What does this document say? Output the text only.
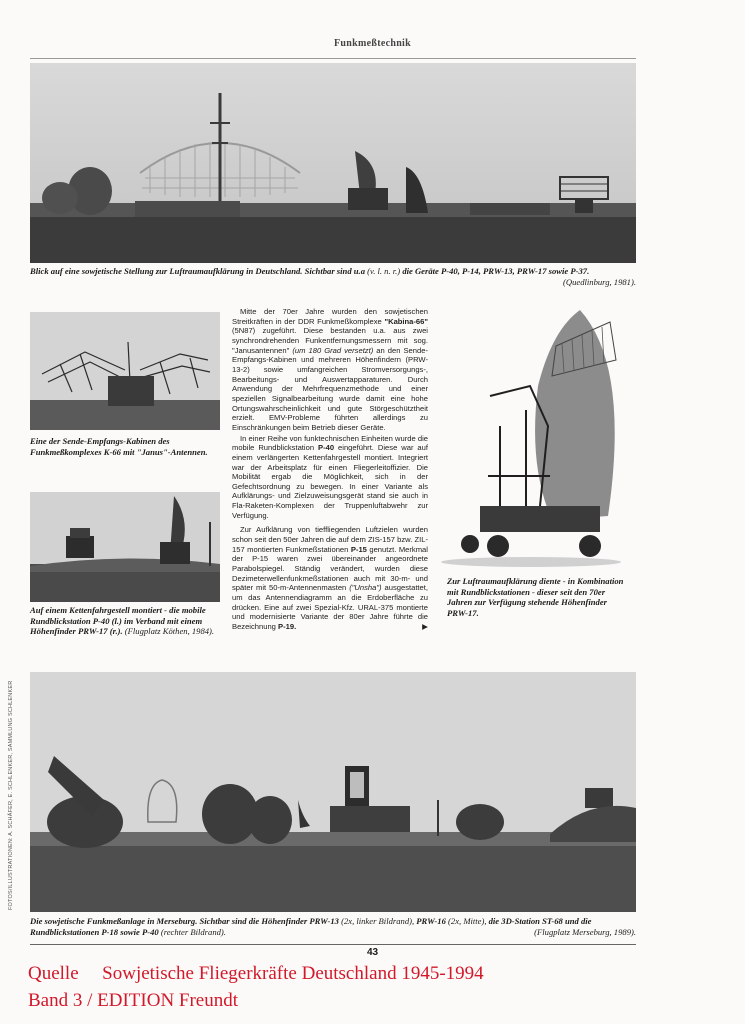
Funkmeßtechnik
Blick auf eine sowjetische Stellung zur Luftraumaufklärung in Deutschland. Sichtbar sind u.a (v. l. n. r.) die Geräte P-40, P-14, PRW-13, PRW-17 sowie P-37.
(Quedlinburg, 1981).
Eine der Sende-Empfangs-Kabinen des Funkmeßkomplexes K-66 mit "Janus"-Antennen.
Auf einem Kettenfahrgestell montiert - die mobile Rundblickstation P-40 (l.) im Verband mit einem Höhenfinder PRW-17 (r.). (Flugplatz Köthen, 1984).

Mitte der 70er Jahre wurden den sowjetischen Streitkräften in der DDR Funkmeßkomplexe "Kabina-66" (5N87) zugeführt. Diese bestanden u.a. aus zwei synchrondrehenden Funkentfernungsmessern mit sog. "Janusantennen" (um 180 Grad versetzt) an den Sende-Empfangs-Kabinen und mehreren Höhenfindern (PRW-13-2) sowie umfangreichen Stromversorgungs-, Bearbeitungs- und Auswertapparaturen. Durch Anwendung der Mehrfrequenzmethode und einer speziellen Signalbearbeitung wurde damit eine hohe Ortungswahrscheinlichkeit und gute Störgeschütztheit erzielt. EMV-Probleme führten allerdings zu Einschränkungen beim Betrieb dieser Geräte.

In einer Reihe von funktechnischen Einheiten wurde die mobile Rundblickstation P-40 eingeführt. Diese war auf einem verlängerten Kettenfahrgestell montiert. Integriert war der Arbeitsplatz für einen Fliegerleitoffizier. Die Mobilität ergab die Möglichkeit, sich in der Gefechtsordnung zu bewegen. In einer Variante als Aufklärungs- und Zielzuweisungsgerät stand sie auch in Fla-Raketen-Komplexen der Truppenluftabwehr zur Verfügung.

Zur Aufklärung von tieffliegenden Luftzielen wurden schon seit den 50er Jahren die auf dem ZIS-157 bzw. ZIL-157 montierten Funkmeßstationen P-15 genutzt. Merkmal der P-15 waren zwei übereinander angeordnete Parabolspiegel. Ständig verändert, wurden diese Dezimeterwellenfunkmeßstationen auch mit 30-m- und später mit 50-m-Antennenmasten ("Unsha") ausgestattet, um das Antennendiagramm an die Erdoberfläche zu drücken. Eine auf zwei Spezial-Kfz. URAL-375 montierte und modernisierte Variante der 80er Jahre führte die Bezeichnung P-19.	▶

Zur Luftraumaufklärung diente - in Kombination mit Rundblickstationen - dieser seit den 70er Jahren zur Verfügung stehende Höhenfinder PRW-17.
Die sowjetische Funkmeßanlage in Merseburg. Sichtbar sind die Höhenfinder PRW-13 (2x, linker Bildrand), PRW-16 (2x, Mitte), die 3D-Station ST-68 und die Rundblickstationen P-18 sowie P-40 (rechter Bildrand).	(Flugplatz Merseburg, 1989).
FOTOS/ILLUSTRATIONEN: A. SCHÄFER, E. SCHLENKER, SAMMLUNG SCHLENKER
43
Quelle Sowjetische Fliegerkräfte Deutschland 1945-1994
Band 3 / EDITION Freundt
